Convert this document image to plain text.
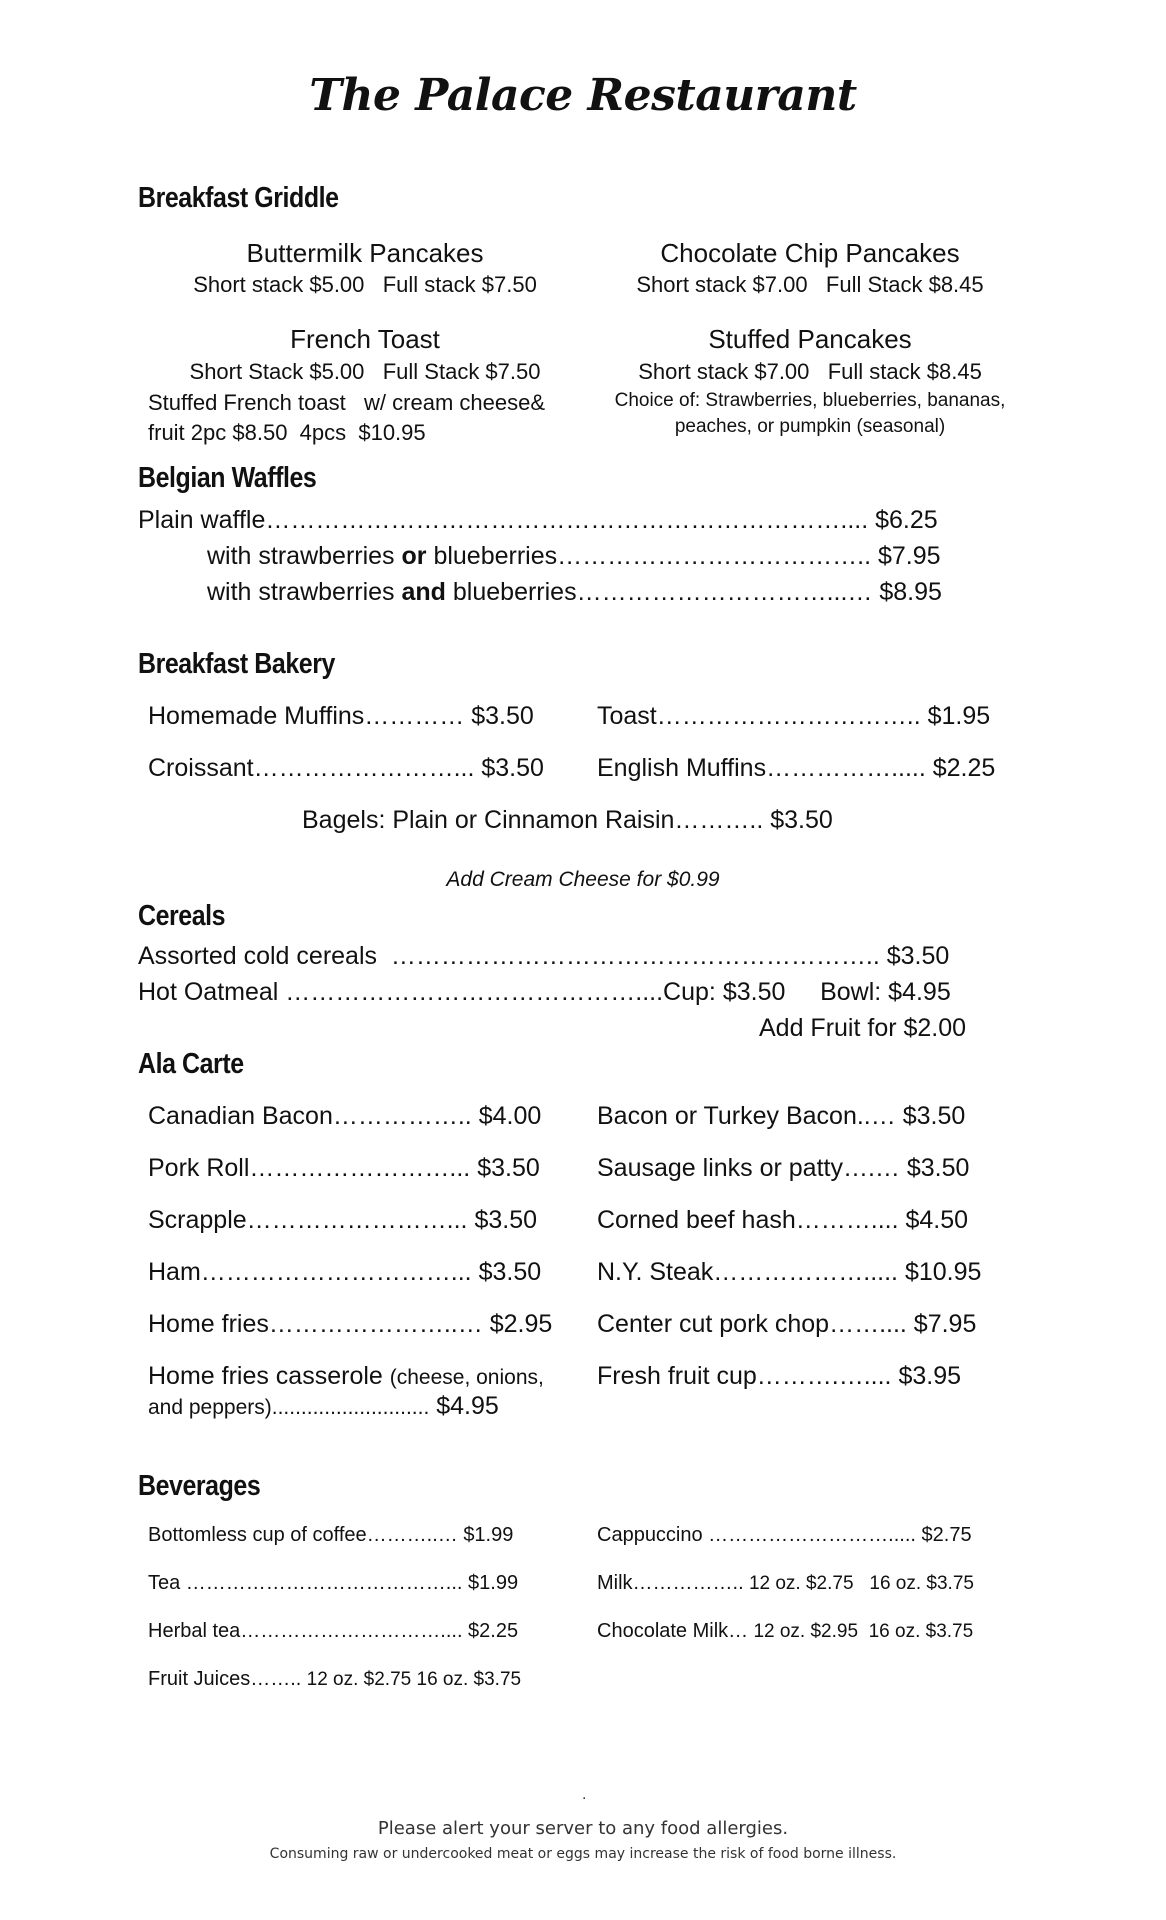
The Palace Restaurant
Breakfast Griddle
Buttermilk Pancakes
Short stack $5.00   Full stack $7.50
Chocolate Chip Pancakes
Short stack $7.00   Full Stack $8.45
French Toast
Short Stack $5.00   Full Stack $7.50
Stuffed French toast   w/ cream cheese&
fruit 2pc $8.50  4pcs  $10.95
Stuffed Pancakes
Short stack $7.00   Full stack $8.45
Choice of: Strawberries, blueberries, bananas,
peaches, or pumpkin (seasonal)
Belgian Waffles
Plain waffle…………………………………………………………….... $6.25
with strawberries or blueberries……………………………….. $7.95
with strawberries and blueberries…………………………...… $8.95
Breakfast Bakery
Homemade Muffins………… $3.50	Toast………………………….. $1.95
Croissant……………………... $3.50 English Muffins……………..... $2.25
Bagels: Plain or Cinnamon Raisin……….. $3.50
Add Cream Cheese for $0.99
Cereals
Assorted cold cereals  ………………………………………………….. $3.50
Hot Oatmeal ……………………………………....Cup: $3.50     Bowl: $4.95
Add Fruit for $2.00
Ala Carte
Canadian Bacon…………….. $4.00 Bacon or Turkey Bacon..… $3.50
Pork Roll……………………... $3.50 Sausage links or patty….… $3.50
Scrapple……………………... $3.50 Corned beef hash……….... $4.50
Ham…………………………... $3.50 N.Y. Steak………………..... $10.95
Home fries…………………..… $2.95 Center cut pork chop…….... $7.95
Home fries casserole (cheese, onions,
and peppers)........................... $4.95
Fresh fruit cup……….….... $3.95
Beverages
Bottomless cup of coffee………..… $1.99	Cappuccino ………………………..... $2.75
Tea …………………………………... $1.99	Milk…………….. 12 oz. $2.75   16 oz. $3.75
Herbal tea………………………….... $2.25	Chocolate Milk… 12 oz. $2.95  16 oz. $3.75
Fruit Juices…….. 12 oz. $2.75 16 oz. $3.75
.
Please alert your server to any food allergies.
Consuming raw or undercooked meat or eggs may increase the risk of food borne illness.
